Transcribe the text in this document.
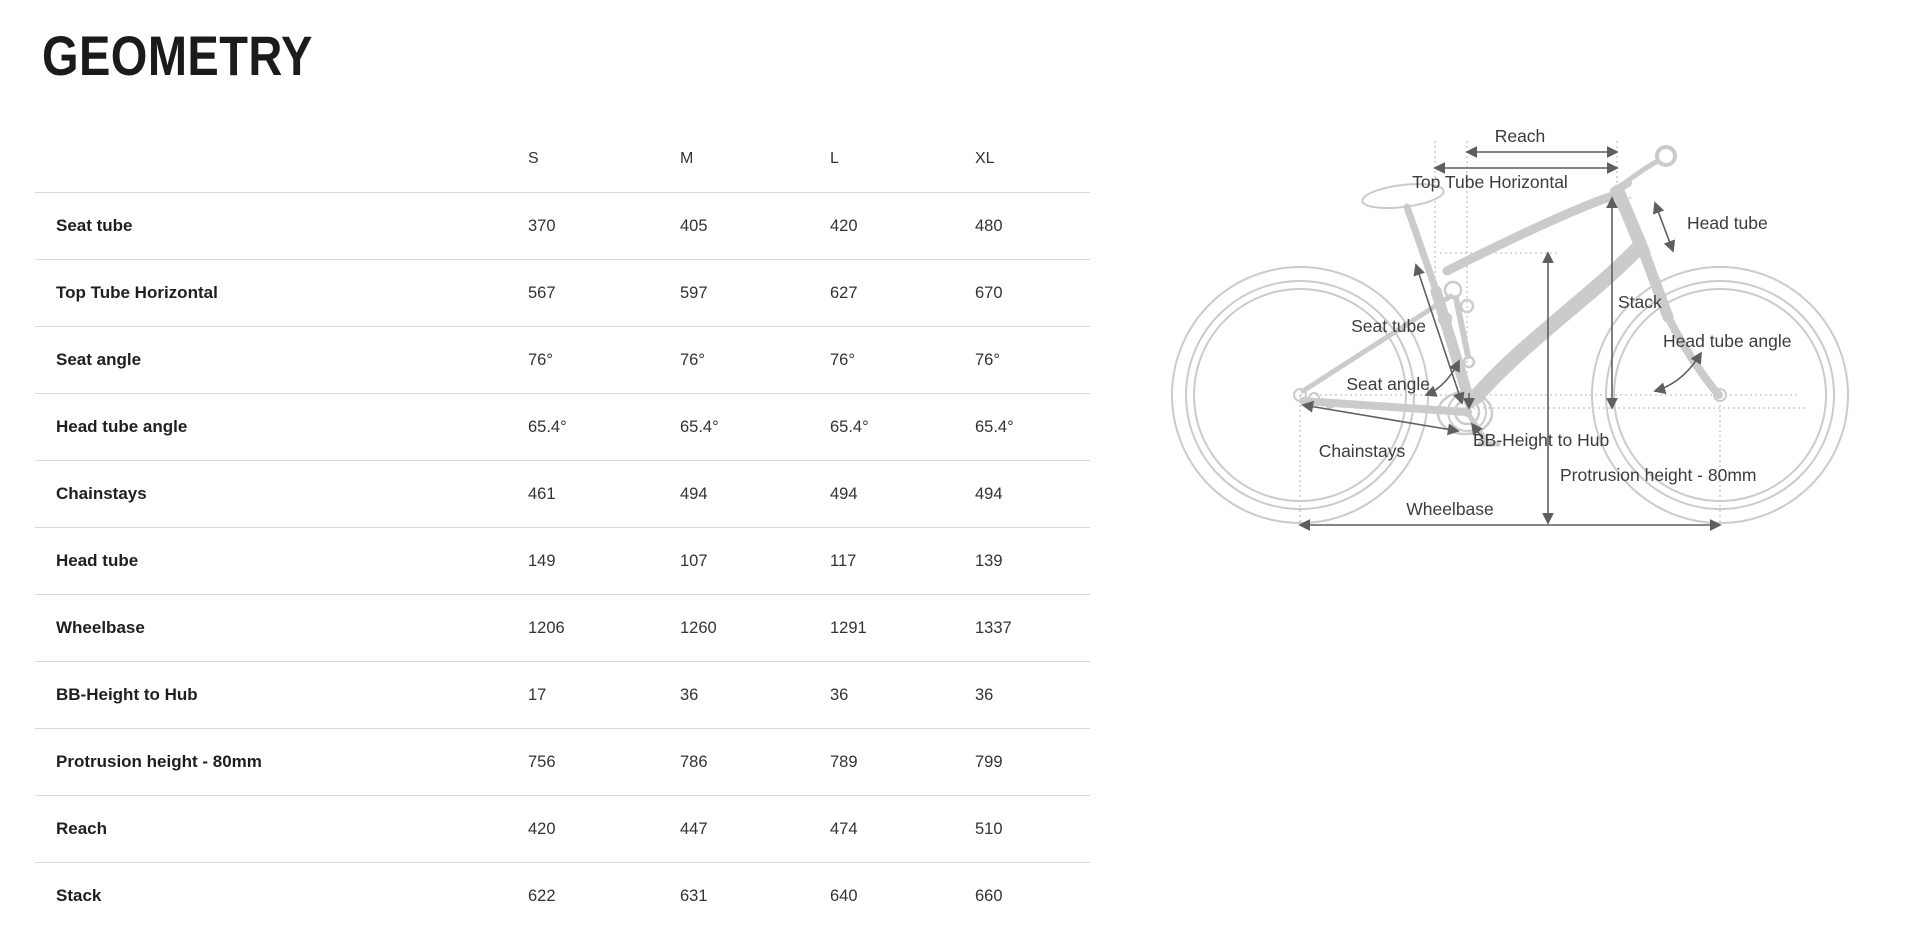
GEOMETRY
S	M	L	XL
Seat tube	370	405	420	480
Top Tube Horizontal	567	597	627	670
Seat angle	76°	76°	76°	76°
Head tube angle	65.4°	65.4°	65.4°	65.4°
Chainstays	461	494	494	494
Head tube	149	107	117	139
Wheelbase	1206	1260	1291	1337
BB-Height to Hub	17	36	36	36
Protrusion height - 80mm	756	786	789	799
Reach	420	447	474	510
Stack	622	631	640	660
Reach
Top Tube Horizontal
Head tube
Seat tube
Seat angle
Stack
Head tube angle
Chainstays
BB-Height to Hub
Protrusion height - 80mm
Wheelbase
